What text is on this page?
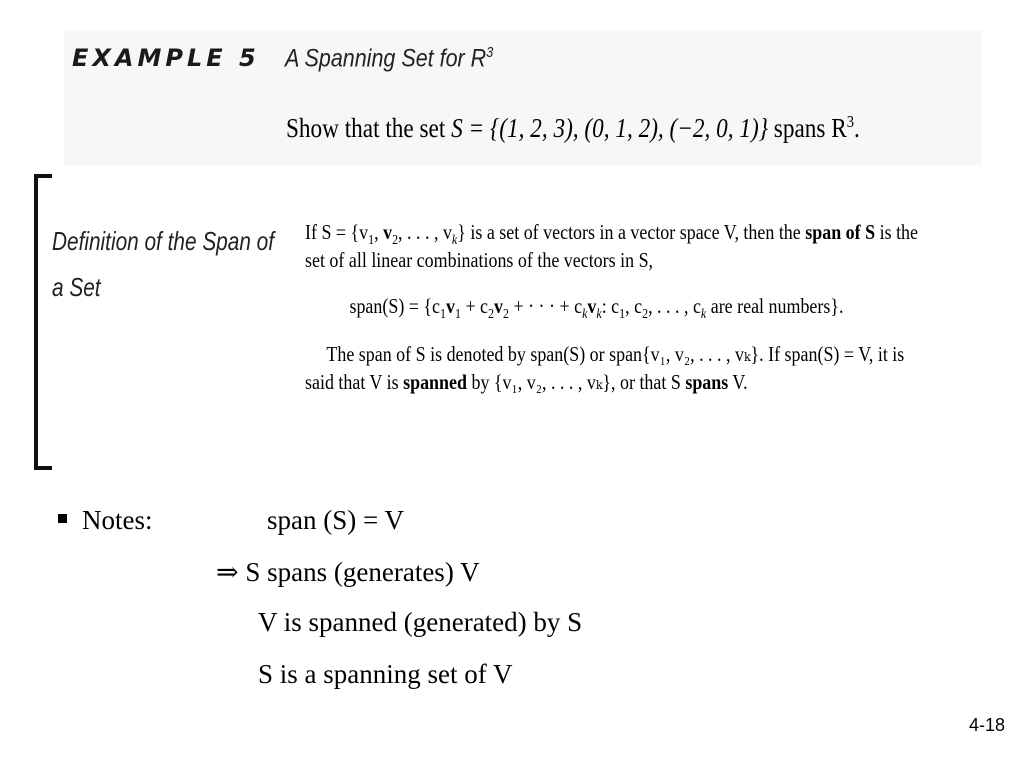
EXAMPLE 5 A Spanning Set for $R^3$
Show that the set S = {(1, 2, 3), (0, 1, 2), (−2, 0, 1)} spans $R^3$.
Definition of the Span of
a Set
If $S = \{v_1$, $v_2$, . . . , $v_k$} is a set of vectors in a vector space V, then the span of S is the
set of all linear combinations of the vectors in S,
span(S) = {$c_1v_1 + c_2v_2$ + · · · + $c_kv_k$: $c_1$, $c_2$, . . . , $c_k$ are real numbers}.
The span of S is denoted by span(S) or span{v₁, v₂, . . . , vₖ}. If span(S) = V, it is
said that V is spanned by {v₁, v₂, . . . , vₖ}, or that S spans V.
Notes:	span (S) = V
⇒ S spans (generates) V
V is spanned (generated) by S
S is a spanning set of V
4-18
